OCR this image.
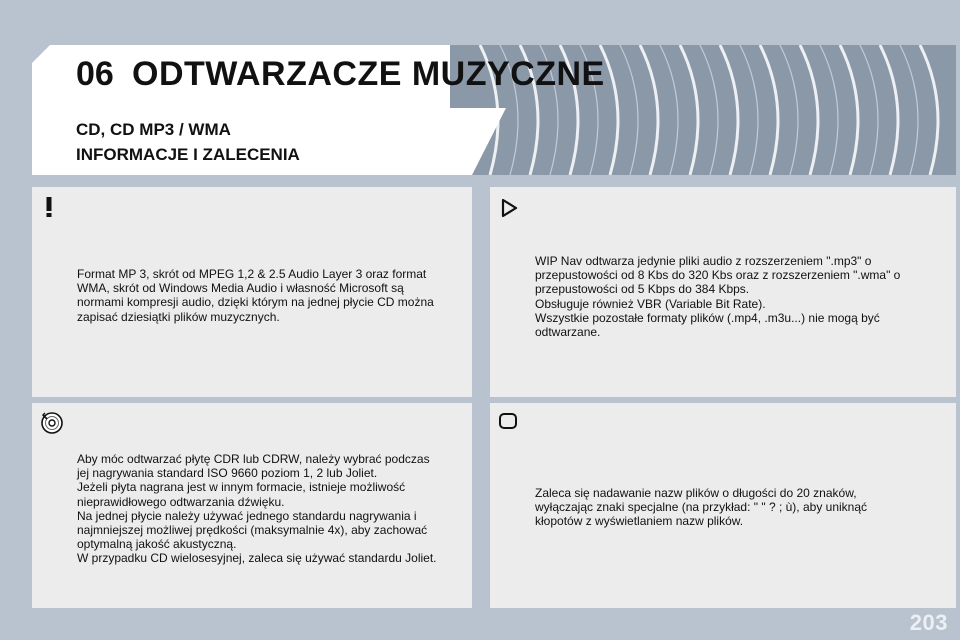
06 ODTWARZACZE MUZYCZNE
CD, CD MP3 / WMA
INFORMACJE I ZALECENIA
Format MP 3, skrót od MPEG 1,2 & 2.5 Audio Layer 3 oraz format
WMA, skrót od Windows Media Audio i własność Microsoft są
normami kompresji audio, dzięki którym na jednej płycie CD można
zapisać dziesiątki plików muzycznych.
WIP Nav odtwarza jedynie pliki audio z rozszerzeniem ".mp3" o
przepustowości od 8 Kbs do 320 Kbs oraz z rozszerzeniem ".wma" o
przepustowości od 5 Kbps do 384 Kbps.
Obsługuje również VBR (Variable Bit Rate).
Wszystkie pozostałe formaty plików (.mp4, .m3u...) nie mogą być
odtwarzane.
Aby móc odtwarzać płytę CDR lub CDRW, należy wybrać podczas
jej nagrywania standard ISO 9660 poziom 1, 2 lub Joliet.
Jeżeli płyta nagrana jest w innym formacie, istnieje możliwość
nieprawidłowego odtwarzania dźwięku.
Na jednej płycie należy używać jednego standardu nagrywania i
najmniejszej możliwej prędkości (maksymalnie 4x), aby zachować
optymalną jakość akustyczną.
W przypadku CD wielosesyjnej, zaleca się używać standardu Joliet.
Zaleca się nadawanie nazw plików o długości do 20 znaków,
wyłączając znaki specjalne (na przykład: " " ? ; ù), aby uniknąć
kłopotów z wyświetlaniem nazw plików.
203
